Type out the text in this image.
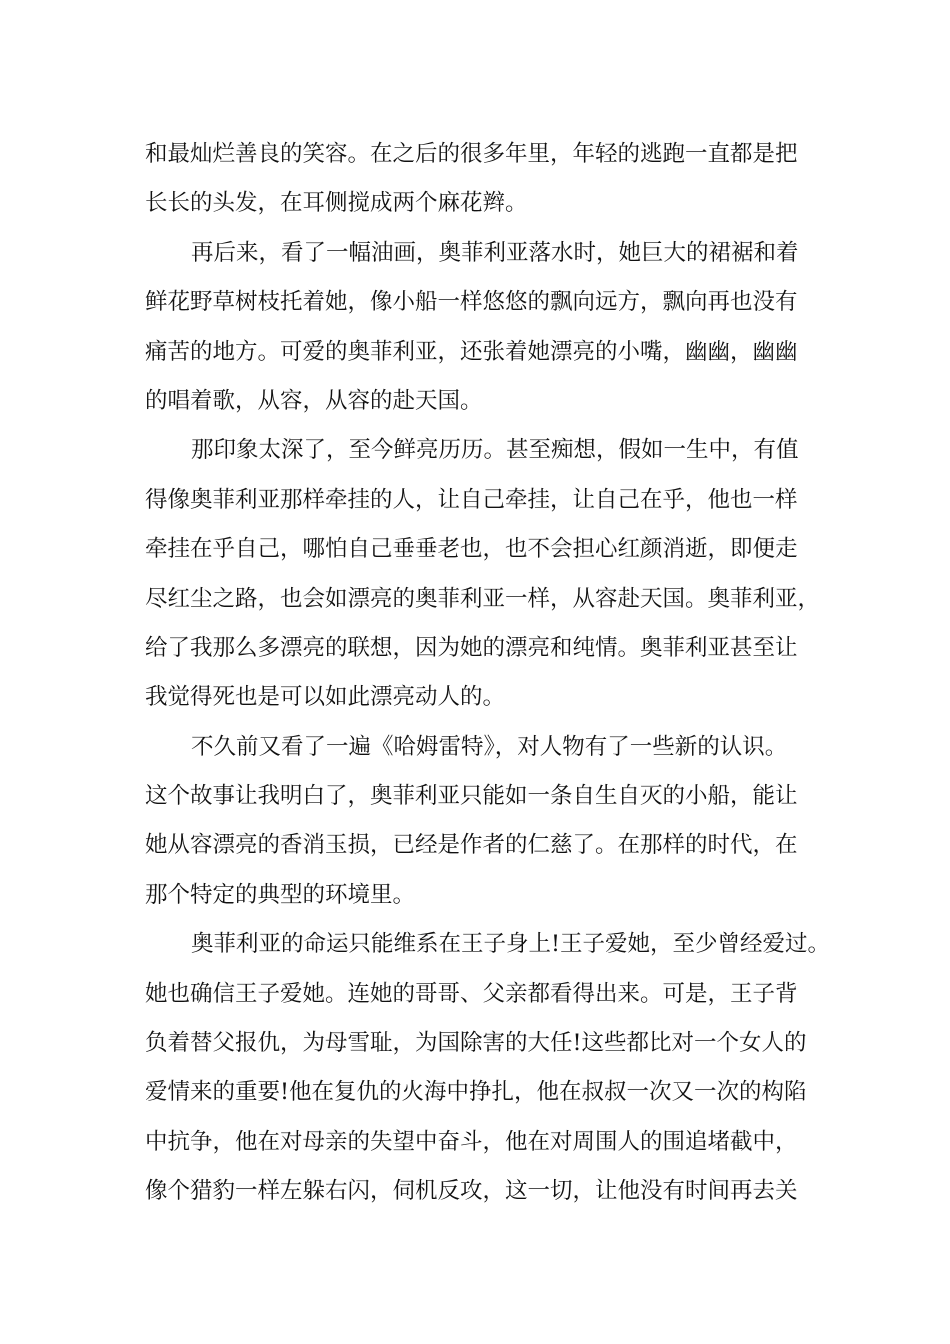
和最灿烂善良的笑容。在之后的很多年里，年轻的逃跑一直都是把
长长的头发，在耳侧搅成两个麻花辫。
再后来，看了一幅油画，奥菲利亚落水时，她巨大的裙裾和着
鲜花野草树枝托着她，像小船一样悠悠的飘向远方，飘向再也没有
痛苦的地方。可爱的奥菲利亚，还张着她漂亮的小嘴，幽幽，幽幽
的唱着歌，从容，从容的赴天国。
那印象太深了，至今鲜亮历历。甚至痴想，假如一生中，有值
得像奥菲利亚那样牵挂的人，让自己牵挂，让自己在乎，他也一样
牵挂在乎自己，哪怕自己垂垂老也，也不会担心红颜消逝，即便走
尽红尘之路，也会如漂亮的奥菲利亚一样，从容赴天国。奥菲利亚，
给了我那么多漂亮的联想，因为她的漂亮和纯情。奥菲利亚甚至让
我觉得死也是可以如此漂亮动人的。
不久前又看了一遍《哈姆雷特》，对人物有了一些新的认识。
这个故事让我明白了，奥菲利亚只能如一条自生自灭的小船，能让
她从容漂亮的香消玉损，已经是作者的仁慈了。在那样的时代，在
那个特定的典型的环境里。
奥菲利亚的命运只能维系在王子身上!王子爱她，至少曾经爱过。
她也确信王子爱她。连她的哥哥、父亲都看得出来。可是，王子背
负着替父报仇，为母雪耻，为国除害的大任!这些都比对一个女人的
爱情来的重要!他在复仇的火海中挣扎，他在叔叔一次又一次的构陷
中抗争，他在对母亲的失望中奋斗，他在对周围人的围追堵截中，
像个猎豹一样左躲右闪，伺机反攻，这一切，让他没有时间再去关
